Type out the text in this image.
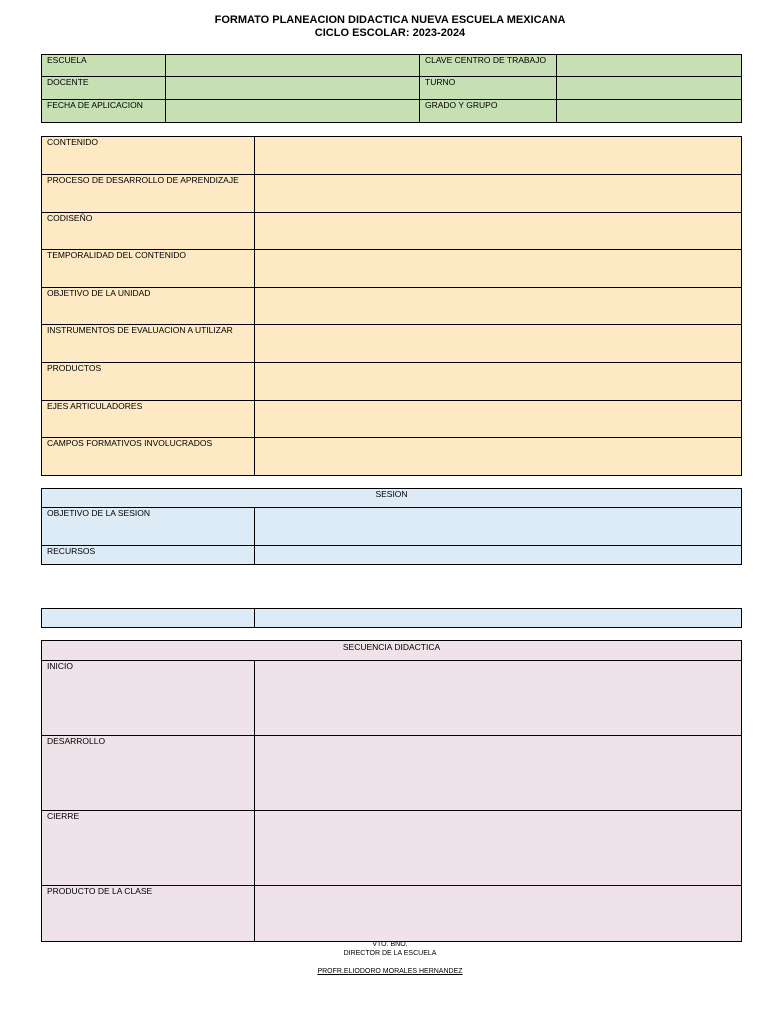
FORMATO PLANEACION DIDACTICA NUEVA ESCUELA MEXICANA
CICLO ESCOLAR: 2023-2024
ESCUELA		CLAVE CENTRO DE TRABAJO	
DOCENTE		TURNO	
FECHA DE APLICACION		GRADO Y GRUPO	
CONTENIDO	
PROCESO DE DESARROLLO DE APRENDIZAJE	
CODISEÑO	
TEMPORALIDAD DEL CONTENIDO	
OBJETIVO DE LA UNIDAD	
INSTRUMENTOS DE EVALUACION A UTILIZAR	
PRODUCTOS	
EJES ARTICULADORES	
CAMPOS FORMATIVOS INVOLUCRADOS	
SESION	
OBJETIVO DE LA SESION	
RECURSOS	

SECUENCIA DIDACTICA	
INICIO	
DESARROLLO	
CIERRE	
PRODUCTO DE LA CLASE	
VTO. BNO.
DIRECTOR DE LA ESCUELA
PROFR.ELIODORO MORALES HERNANDEZ
